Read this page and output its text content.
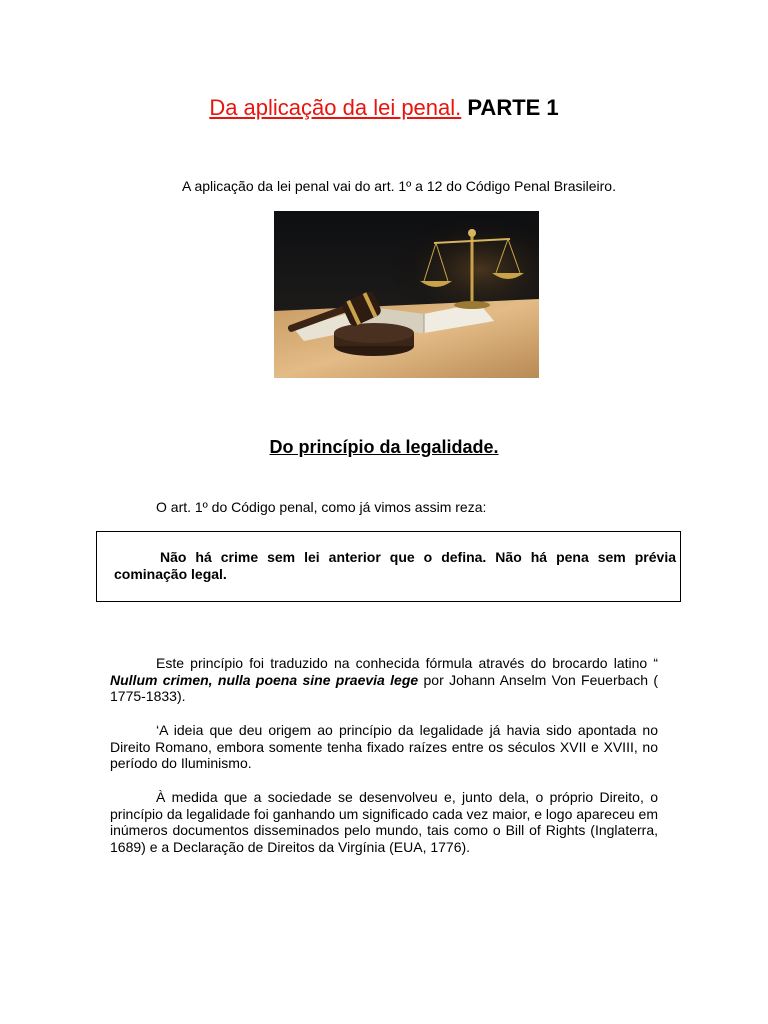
Da aplicação da lei penal. PARTE 1
A aplicação da lei penal vai do art. 1º a 12 do Código Penal Brasileiro.
Do princípio da legalidade.
O art. 1º do Código penal, como já vimos assim reza:
Não há crime sem lei anterior que o defina. Não há pena sem prévia cominação legal.
Este princípio foi traduzido na conhecida fórmula através do brocardo latino “ Nullum crimen, nulla poena sine praevia lege por Johann Anselm Von Feuerbach ( 1775-1833).
‘A ideia que deu origem ao princípio da legalidade já havia sido apontada no Direito Romano, embora somente tenha fixado raízes entre os séculos XVII e XVIII, no período do Iluminismo.
À medida que a sociedade se desenvolveu e, junto dela, o próprio Direito, o princípio da legalidade foi ganhando um significado cada vez maior, e logo apareceu em inúmeros documentos disseminados pelo mundo, tais como o Bill of Rights (Inglaterra, 1689) e a Declaração de Direitos da Virgínia (EUA, 1776).
